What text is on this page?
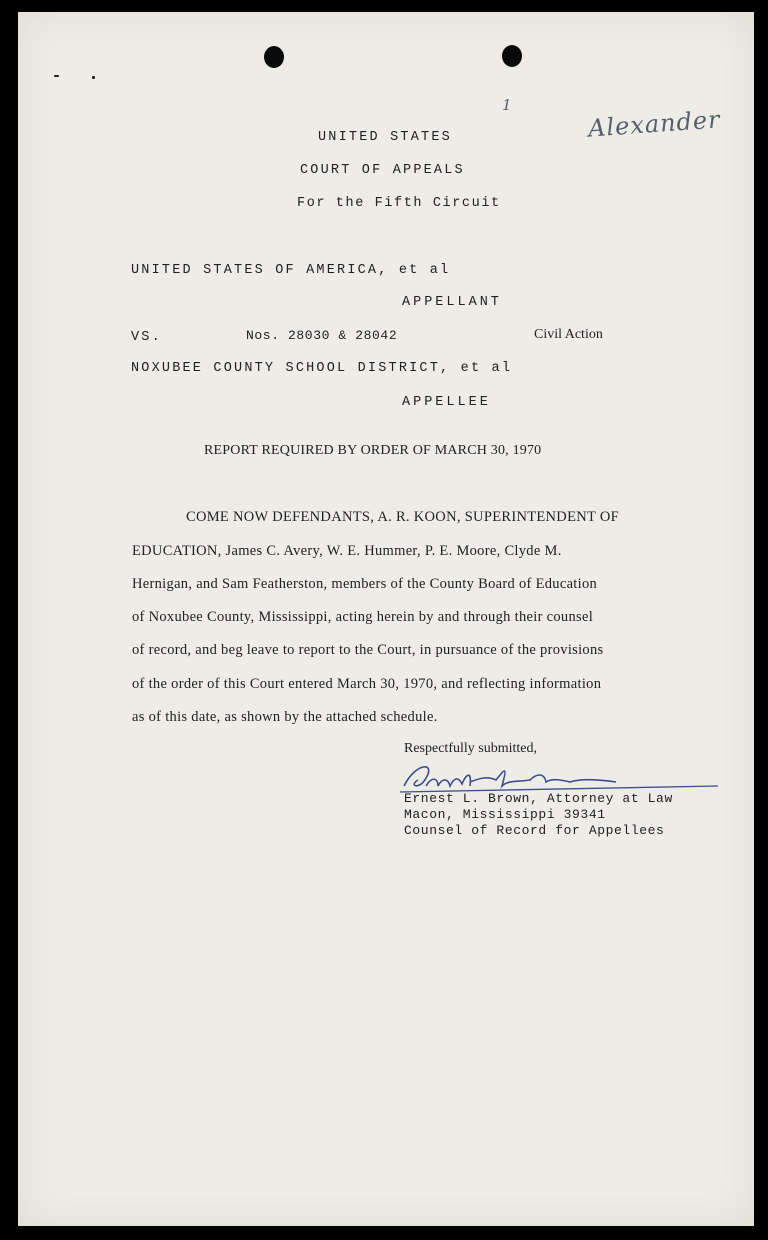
1
Alexander
UNITED STATES
COURT OF APPEALS
For the Fifth Circuit
UNITED STATES OF AMERICA, et al
APPELLANT
VS.	Nos. 28030 & 28042	Civil Action
NOXUBEE COUNTY SCHOOL DISTRICT, et al
APPELLEE
REPORT REQUIRED BY ORDER OF MARCH 30, 1970
COME NOW DEFENDANTS, A. R. KOON, SUPERINTENDENT OF
EDUCATION, James C. Avery, W. E. Hummer, P. E. Moore, Clyde M.
Hernigan, and Sam Featherston, members of the County Board of Education
of Noxubee County, Mississippi, acting herein by and through their counsel
of record, and beg leave to report to the Court, in pursuance of the provisions
of the order of this Court entered March 30, 1970, and reflecting information
as of this date, as shown by the attached schedule.
Respectfully submitted,
Ernest L. Brown, Attorney at Law
Macon, Mississippi 39341
Counsel of Record for Appellees
